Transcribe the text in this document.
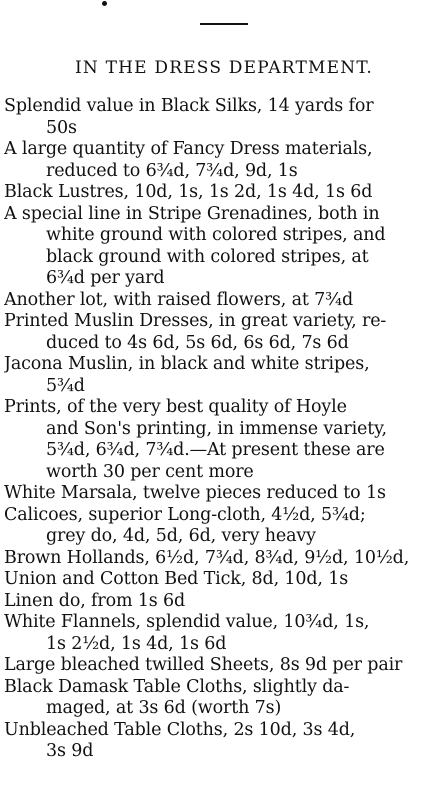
IN THE DRESS DEPARTMENT.
Splendid value in Black Silks, 14 yards for
50s
A large quantity of Fancy Dress materials,
reduced to 6¾d, 7¾d, 9d, 1s
Black Lustres, 10d, 1s, 1s 2d, 1s 4d, 1s 6d
A special line in Stripe Grenadines, both in
white ground with colored stripes, and
black ground with colored stripes, at
6¾d per yard
Another lot, with raised flowers, at 7¾d
Printed Muslin Dresses, in great variety, re-
duced to 4s 6d, 5s 6d, 6s 6d, 7s 6d
Jacona Muslin, in black and white stripes,
5¾d
Prints, of the very best quality of Hoyle
and Son's printing, in immense variety,
5¾d, 6¾d, 7¾d.—At present these are
worth 30 per cent more
White Marsala, twelve pieces reduced to 1s
Calicoes, superior Long-cloth, 4½d, 5¾d;
grey do, 4d, 5d, 6d, very heavy
Brown Hollands, 6½d, 7¾d, 8¾d, 9½d, 10½d,
Union and Cotton Bed Tick, 8d, 10d, 1s
Linen do, from 1s 6d
White Flannels, splendid value, 10¾d, 1s,
1s 2½d, 1s 4d, 1s 6d
Large bleached twilled Sheets, 8s 9d per pair
Black Damask Table Cloths, slightly da-
maged, at 3s 6d (worth 7s)
Unbleached Table Cloths, 2s 10d, 3s 4d,
3s 9d
